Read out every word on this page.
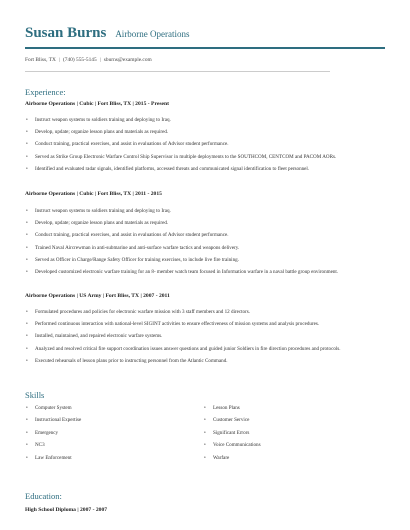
Susan Burns Airborne Operations
Fort Bliss, TX | (740) 555-5145 | sburns@example.com
Experience:
Airborne Operations | Cubic | Fort Bliss, TX | 2015 - Present
• Instruct weapon systems to soldiers training and deploying to Iraq.
• Develop, update; organize lesson plans and materials as required.
• Conduct training, practical exercises, and assist in evaluations of Advisor student performance.
• Served as Strike Group Electronic Warfare Control Ship Supervisor in multiple deployments to the SOUTHCOM, CENTCOM and PACOM AORs.
• Identified and evaluated radar signals, identified platforms, accessed threats and communicated signal identification to fleet personnel.
Airborne Operations | Cubic | Fort Bliss, TX | 2011 - 2015
• Instruct weapon systems to soldiers training and deploying to Iraq.
• Develop, update; organize lesson plans and materials as required.
• Conduct training, practical exercises, and assist in evaluations of Advisor student performance.
• Trained Naval Aircrewman in anti-submarine and anti-surface warfare tactics and weapons delivery.
• Served as Officer in Charge/Range Safety Officer for training exercises, to include live fire training.
• Developed customized electronic warfare training for an 8- member watch team focused in Information warfare in a naval battle group environment.
Airborne Operations | US Army | Fort Bliss, TX | 2007 - 2011
• Formulated procedures and policies for electronic warfare mission with 3 staff members and 12 directors.
• Performed continuous interaction with national-level SIGINT activities to ensure effectiveness of mission systems and analysis procedures.
• Installed, maintained, and repaired electronic warfare systems.
• Analyzed and resolved critical fire support coordination issues answer questions and guided junior Soldiers in fire direction procedures and protocols.
• Executed rehearsals of lesson plans prior to instructing personnel from the Atlantic Command.
Skills
• Computer System
• Instructional Expertise
• Emergency
• NC3
• Law Enforcement
• Lesson Plans
• Customer Service
• Significant Errors
• Voice Communications
• Warfare
Education:
High School Diploma | 2007 - 2007
